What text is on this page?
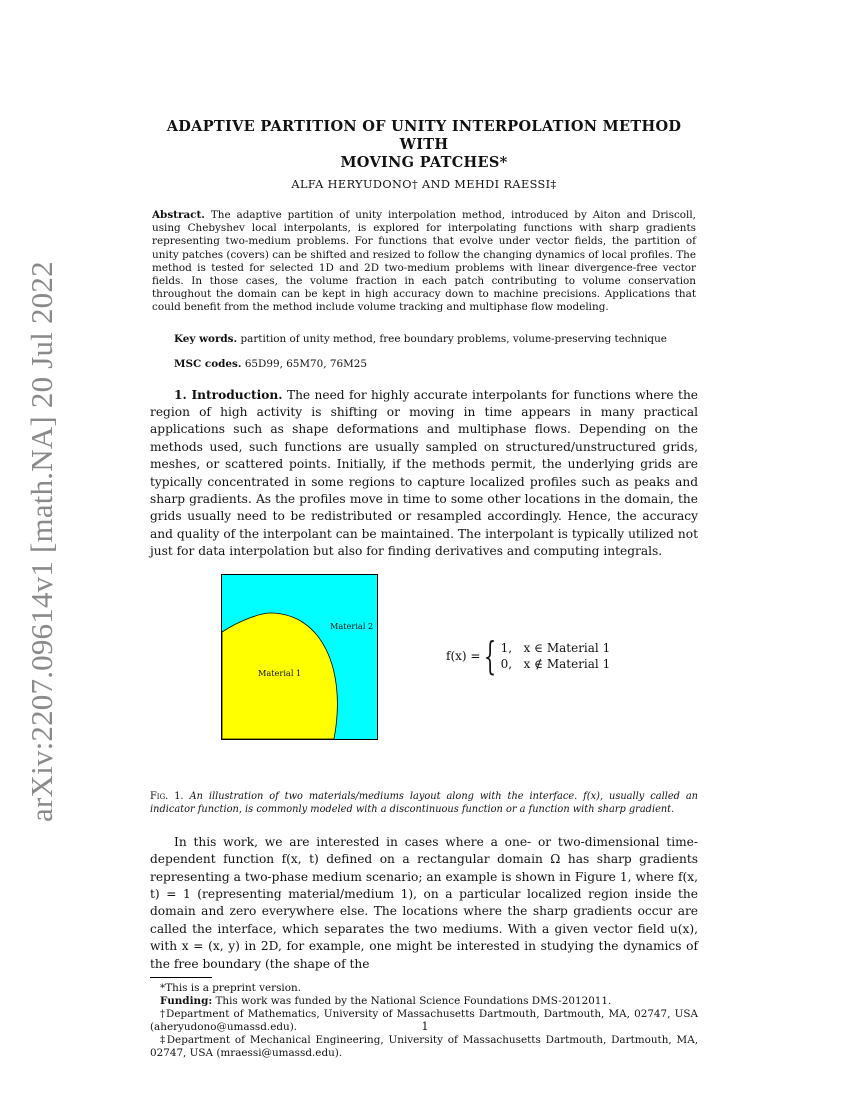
arXiv:2207.09614v1 [math.NA] 20 Jul 2022
ADAPTIVE PARTITION OF UNITY INTERPOLATION METHOD WITH
MOVING PATCHES*
ALFA HERYUDONO† AND MEHDI RAESSI‡

Abstract. The adaptive partition of unity interpolation method, introduced by Aiton and Driscoll, using Chebyshev local interpolants, is explored for interpolating functions with sharp gradients representing two-medium problems. For functions that evolve under vector fields, the partition of unity patches (covers) can be shifted and resized to follow the changing dynamics of local profiles. The method is tested for selected 1D and 2D two-medium problems with linear divergence-free vector fields. In those cases, the volume fraction in each patch contributing to volume conservation throughout the domain can be kept in high accuracy down to machine precisions. Applications that could benefit from the method include volume tracking and multiphase flow modeling.

Key words. partition of unity method, free boundary problems, volume-preserving technique
MSC codes. 65D99, 65M70, 76M25
1. Introduction. The need for highly accurate interpolants for functions where the region of high activity is shifting or moving in time appears in many practical applications such as shape deformations and multiphase flows. Depending on the methods used, such functions are usually sampled on structured/unstructured grids, meshes, or scattered points. Initially, if the methods permit, the underlying grids are typically concentrated in some regions to capture localized profiles such as peaks and sharp gradients. As the profiles move in time to some other locations in the domain, the grids usually need to be redistributed or resampled accordingly. Hence, the accuracy and quality of the interpolant can be maintained. The interpolant is typically utilized not just for data interpolation but also for finding derivatives and computing integrals.
Material 2
Material 1
f(x) = { 1, x ∈ Material 1
0, x ∉ Material 1
Fig. 1. An illustration of two materials/mediums layout along with the interface. f(x), usually called an indicator function, is commonly modeled with a discontinuous function or a function with sharp gradient.
In this work, we are interested in cases where a one- or two-dimensional time-dependent function f(x, t) defined on a rectangular domain Ω has sharp gradients representing a two-phase medium scenario; an example is shown in Figure 1, where f(x, t) = 1 (representing material/medium 1), on a particular localized region inside the domain and zero everywhere else. The locations where the sharp gradients occur are called the interface, which separates the two mediums. With a given vector field u(x), with x = (x, y) in 2D, for example, one might be interested in studying the dynamics of the free boundary (the shape of the

*This is a preprint version.

Funding: This work was funded by the National Science Foundations DMS-2012011.

†Department of Mathematics, University of Massachusetts Dartmouth, Dartmouth, MA, 02747, USA (aheryudono@umassd.edu).

‡Department of Mechanical Engineering, University of Massachusetts Dartmouth, Dartmouth, MA, 02747, USA (mraessi@umassd.edu).

1
